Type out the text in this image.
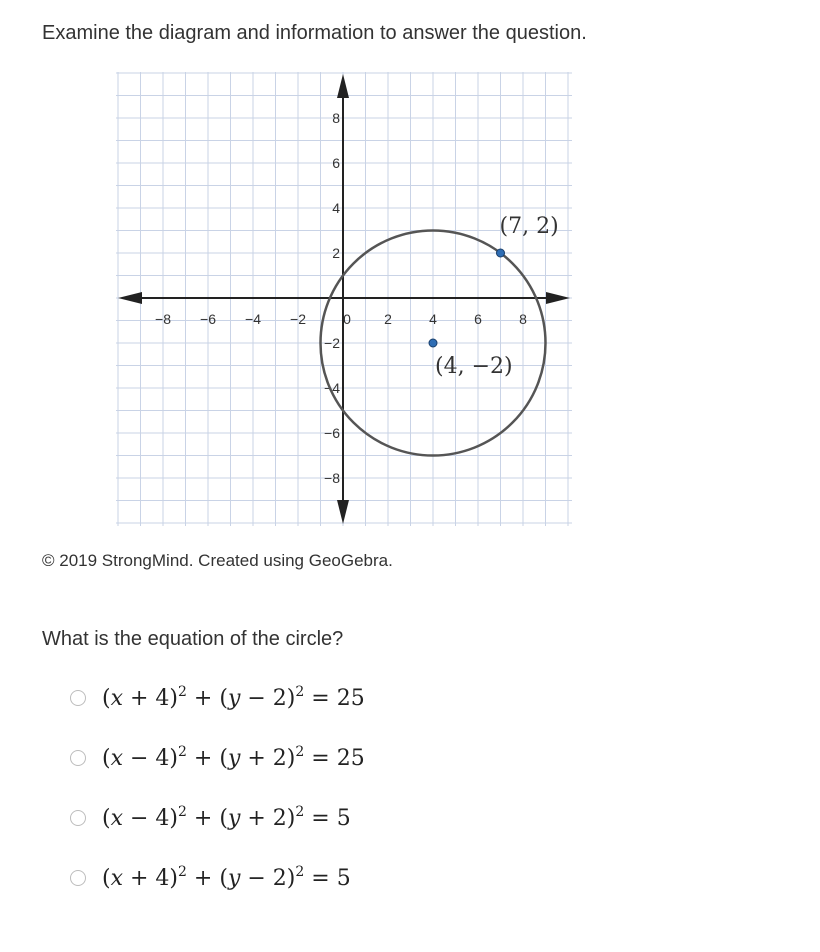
Examine the diagram and information to answer the question.
−8 −6 −4 −2	0 2	4	6	8
8
6
4
2
−2
−4
−6
−8
(7, 2)
(4, −2)
© 2019 StrongMind. Created using GeoGebra.
What is the equation of the circle?
$(x + 4)^2 + (y - 2)^2 = 25$
$(x - 4)^2 + (y + 2)^2 = 25$
$(x - 4)^2 + (y + 2)^2 = 5$
$(x + 4)^2 + (y - 2)^2 = 5$
